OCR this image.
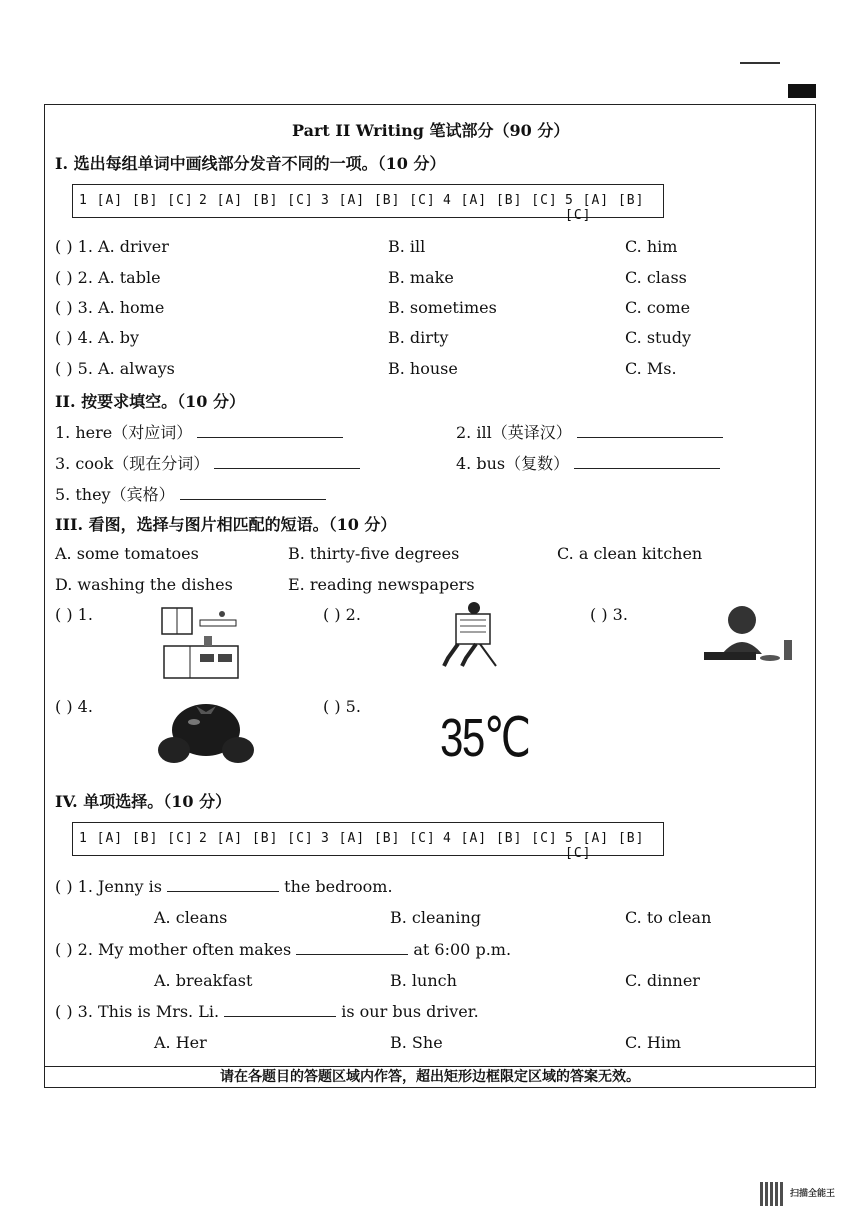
Part II Writing 笔试部分（90 分）
I. 选出每组单词中画线部分发音不同的一项。（10 分）
1 [A] [B] [C] 2 [A] [B] [C] 3 [A] [B] [C] 4 [A] [B] [C] 5 [A] [B] [C]
( ) 1. A. driver	B. ill	C. him
( ) 2. A. table	B. make	C. class
( ) 3. A. home	B. sometimes	C. come
( ) 4. A. by	B. dirty	C. study
( ) 5. A. always	B. house	C. Ms.
II. 按要求填空。（10 分）
1. here（对应词）	2. ill（英译汉）
3. cook（现在分词）	4. bus（复数）
5. they（宾格）
III. 看图，选择与图片相匹配的短语。（10 分）
A. some tomatoes	B. thirty-five degrees	C. a clean kitchen
D. washing the dishes	E. reading newspapers
( ) 1.	( ) 2.	( ) 3.
( ) 4.	( ) 5.
35℃
IV. 单项选择。（10 分）
1 [A] [B] [C] 2 [A] [B] [C] 3 [A] [B] [C] 4 [A] [B] [C] 5 [A] [B] [C]
( ) 1. Jenny is	the bedroom.
A. cleans	B. cleaning	C. to clean
( ) 2. My mother often makes	at 6:00 p.m.
A. breakfast	B. lunch	C. dinner
( ) 3. This is Mrs. Li.	is our bus driver.
A. Her	B. She	C. Him
请在各题目的答题区域内作答，超出矩形边框限定区域的答案无效。
扫描全能王
